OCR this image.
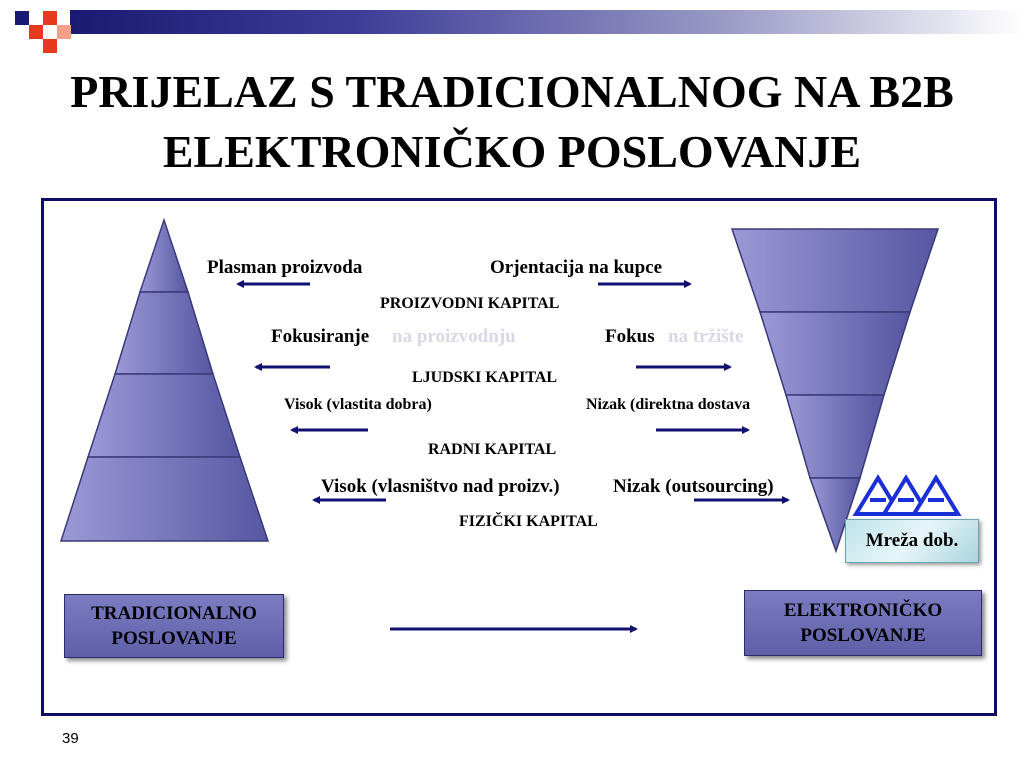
PRIJELAZ S TRADICIONALNOG NA B2B
ELEKTRONIČKO POSLOVANJE
Plasman proizvoda	Orjentacija na kupce
PROIZVODNI KAPITAL
Fokusiranje na proizvodnju	Fokus na tržište
LJUDSKI KAPITAL
Visok (vlastita dobra)	Nizak (direktna dostava
RADNI KAPITAL
Visok (vlasništvo nad proizv.)	Nizak (outsourcing)
FIZIČKI KAPITAL
TRADICIONALNO
POSLOVANJE
ELEKTRONIČKO
POSLOVANJE
Mreža dob.
39
